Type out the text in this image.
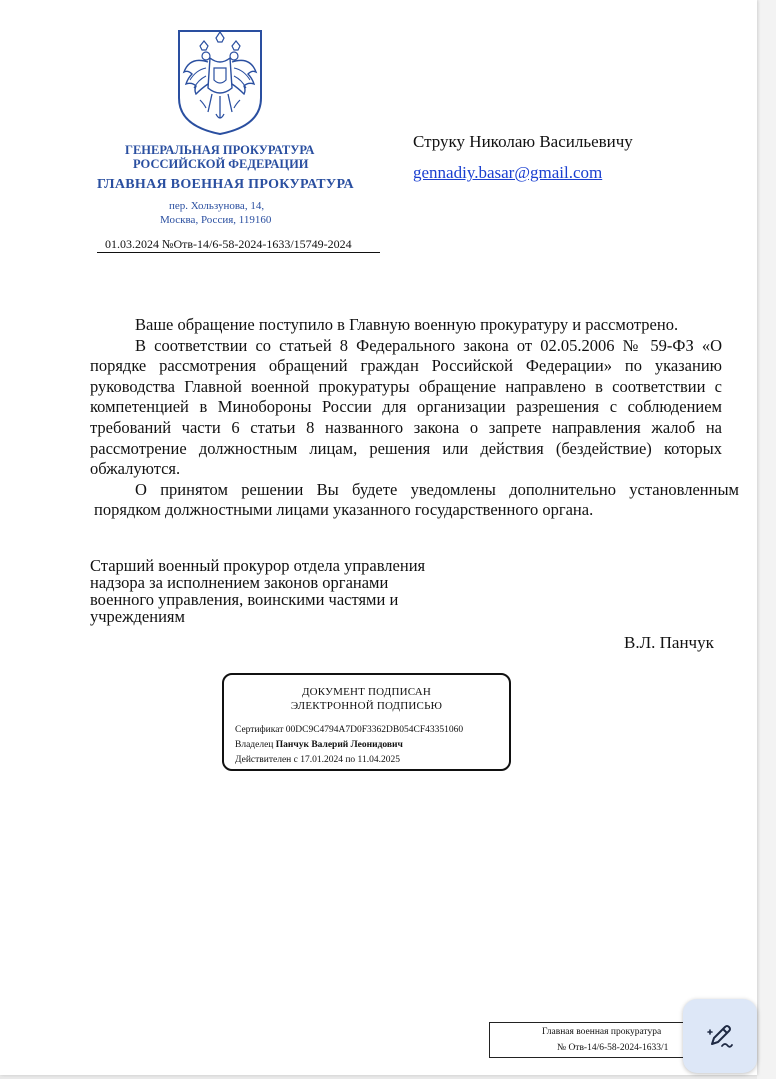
ГЕНЕРАЛЬНАЯ ПРОКУРАТУРА
РОССИЙСКОЙ ФЕДЕРАЦИИ
ГЛАВНАЯ ВОЕННАЯ ПРОКУРАТУРА
пер. Хользунова, 14,
Москва, Россия, 119160
01.03.2024 №Отв-14/6-58-2024-1633/15749-2024
Струку Николаю Васильевичу
gennadiy.basar@gmail.com

Ваше обращение поступило в Главную военную прокуратуру и рассмотрено.

В соответствии со статьей 8 Федерального закона от 02.05.2006 № 59-ФЗ «О порядке рассмотрения обращений граждан Российской Федерации» по указанию руководства Главной военной прокуратуры обращение направлено в соответствии с компетенцией в Минобороны России для организации разрешения с соблюдением требований части 6 статьи 8 названного закона о запрете направления жалоб на рассмотрение должностным лицам, решения или действия (бездействие) которых обжалуются.

О принятом решении Вы будете уведомлены дополнительно установленным порядком должностными лицами указанного государственного органа.

Старший военный прокурор отдела управления
надзора за исполнением законов органами
военного управления, воинскими частями и
учреждениям
В.Л. Панчук
ДОКУМЕНТ ПОДПИСАН
ЭЛЕКТРОННОЙ ПОДПИСЬЮ
Сертификат 00DC9C4794A7D0F3362DB054CF43351060
Владелец Панчук Валерий Леонидович
Действителен с 17.01.2024 по 11.04.2025
Главная военная прокуратура
№ Отв-14/6-58-2024-1633/1
